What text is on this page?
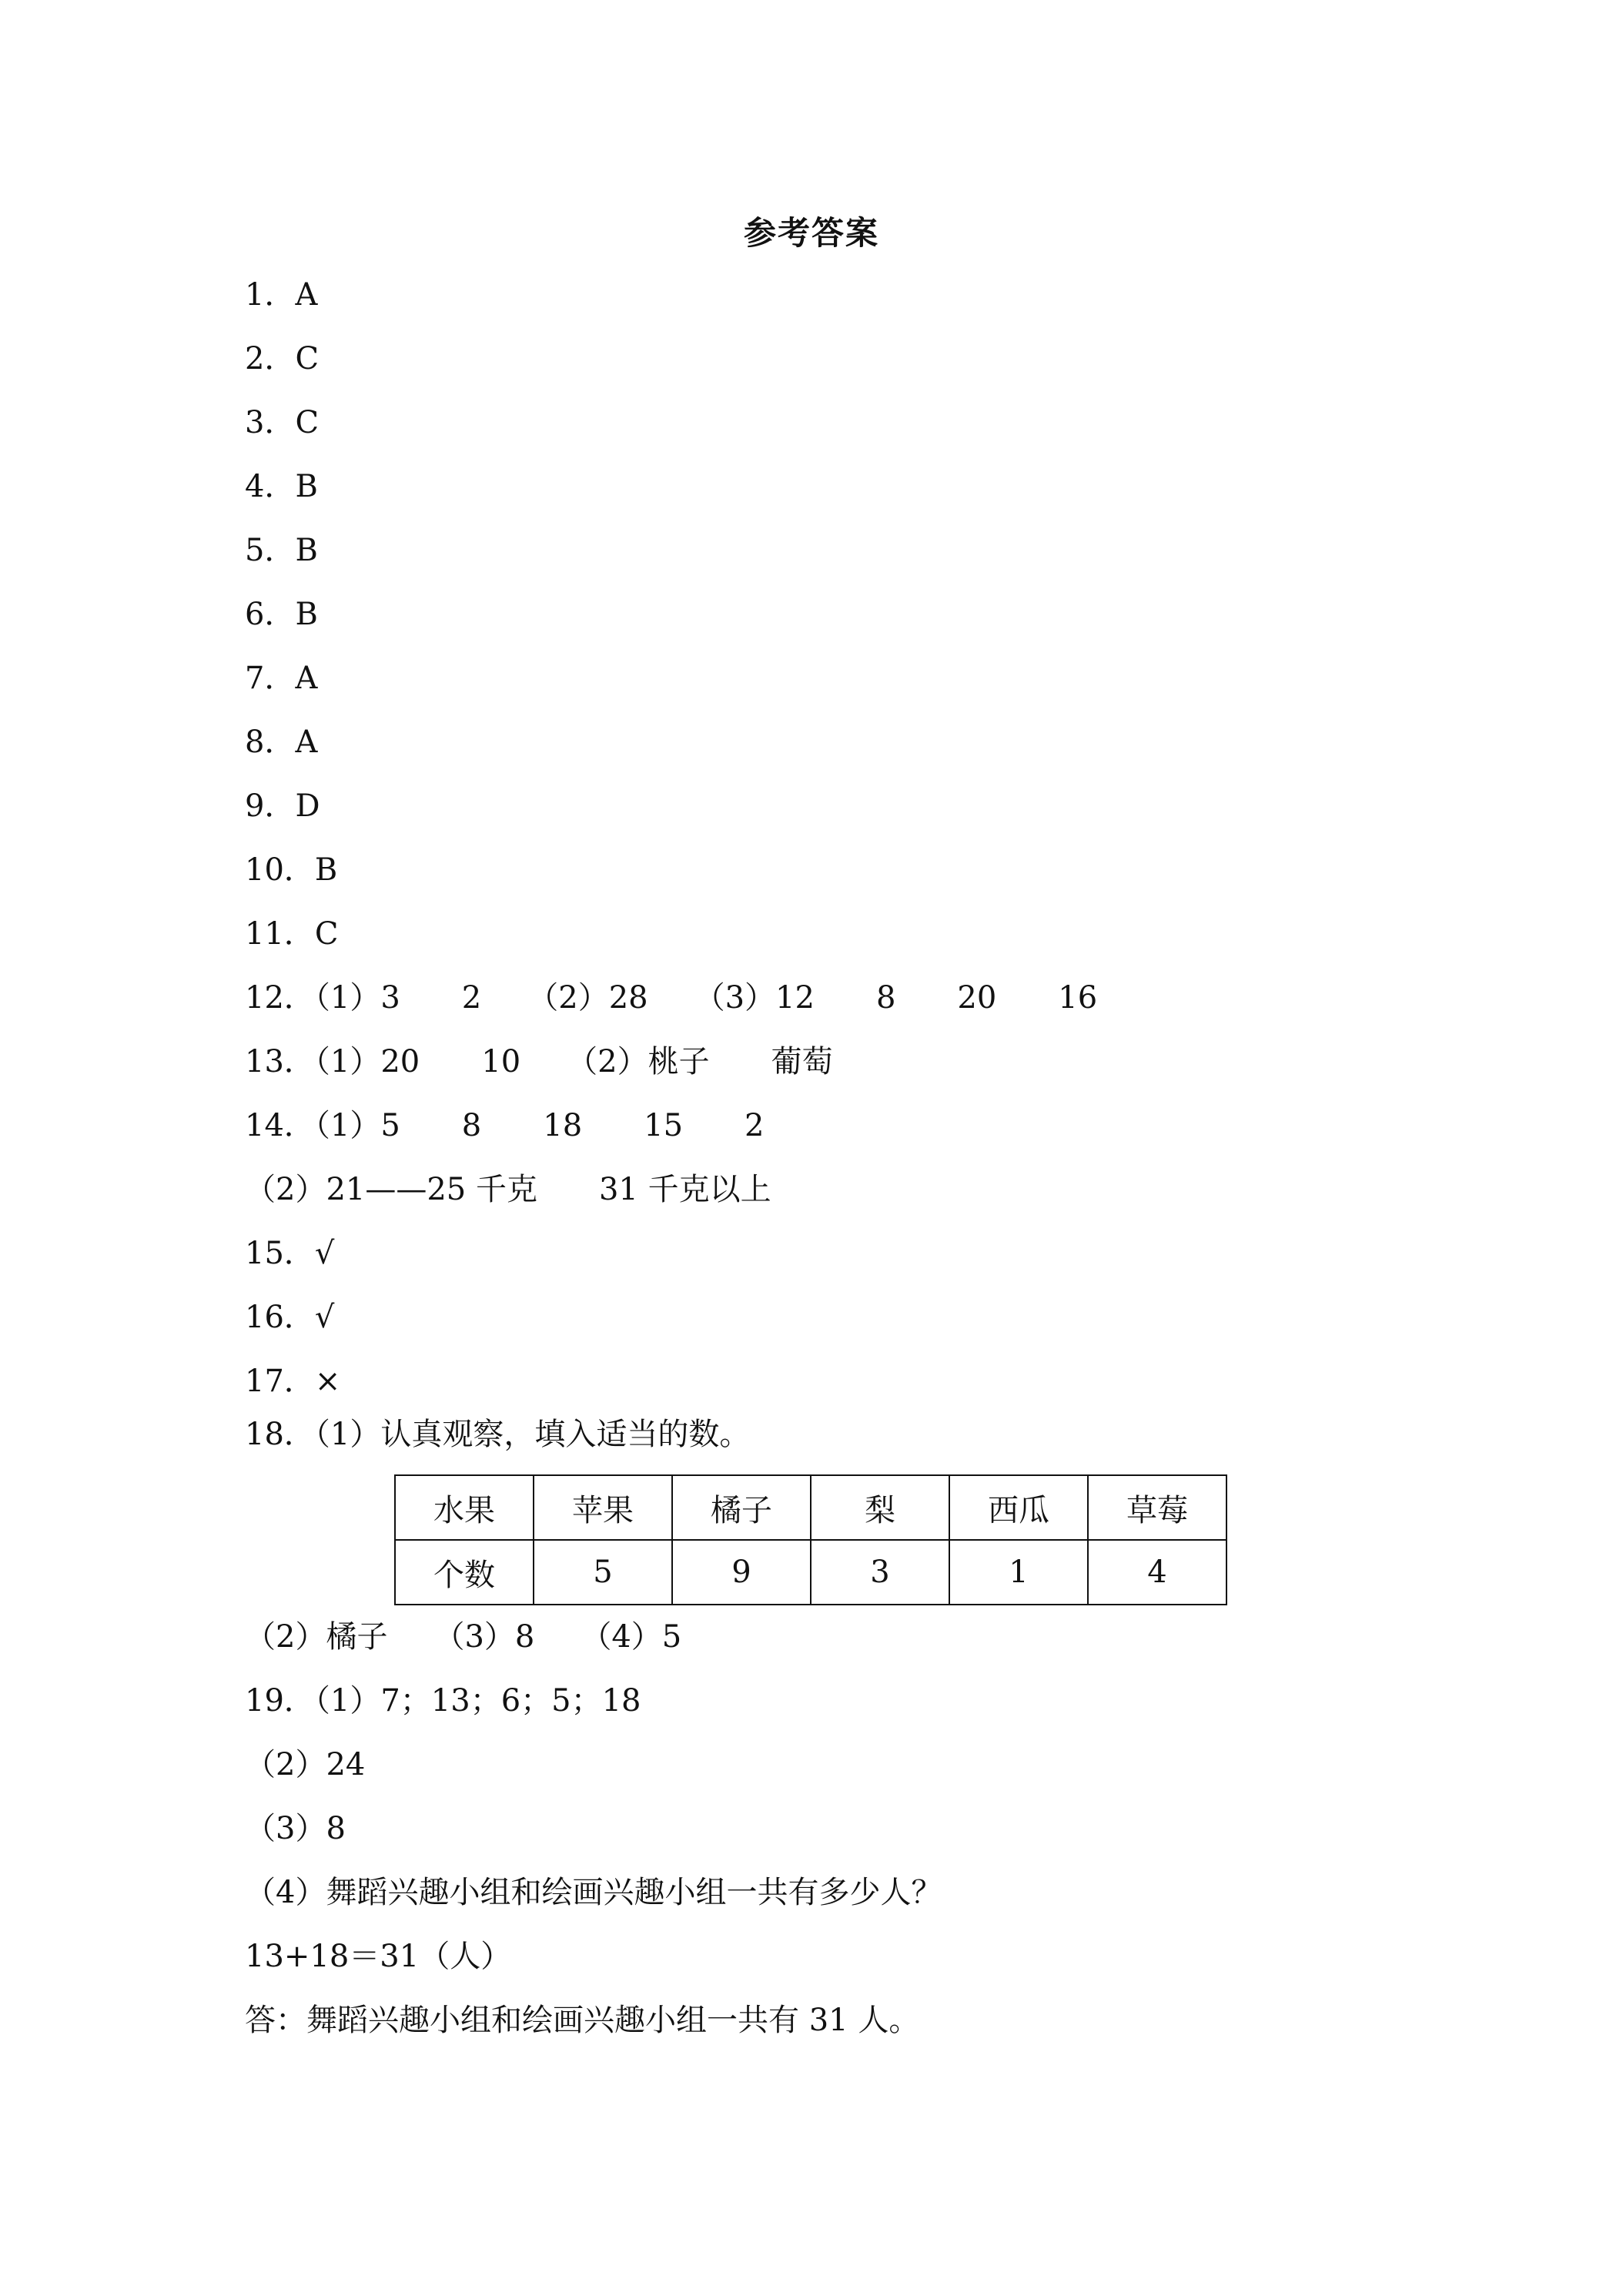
参考答案
1．A
2．C
3．C
4．B
5．B
6．B
7．A
8．A
9．D
10．B
11．C
12．（1）3　　2　　（2）28　　（3）12　　8　　20　　16
13．（1）20　　10　　（2）桃子　　葡萄
14．（1）5　　8　　18　　15　　2
（2）21——25 千克　　31 千克以上
15．√
16．√
17．×
18．（1）认真观察，填入适当的数。
水果	苹果	橘子	梨	西瓜	草莓
个数	5	9	3	1	4
（2）橘子　　（3）8　　（4）5
19．（1）7；13；6；5；18
（2）24
（3）8
（4）舞蹈兴趣小组和绘画兴趣小组一共有多少人？
13+18＝31（人）
答：舞蹈兴趣小组和绘画兴趣小组一共有 31 人。
